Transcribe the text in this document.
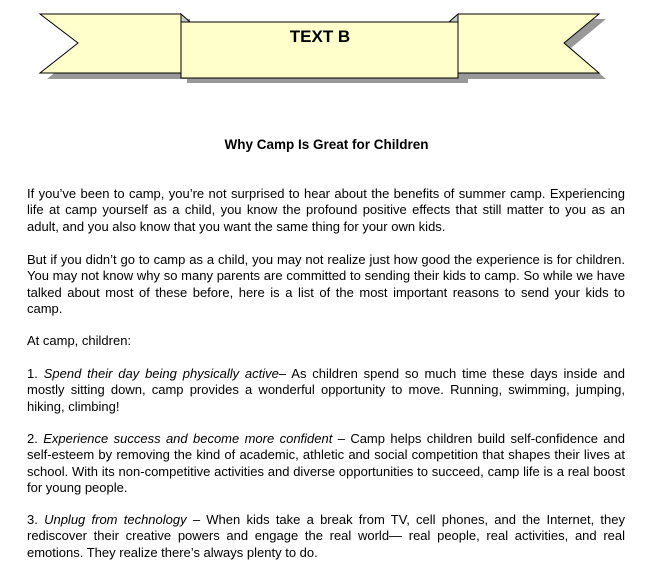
TEXT B
Why Camp Is Great for Children

If you’ve been to camp, you’re not surprised to hear about the benefits of summer camp. Experiencing life at camp yourself as a child, you know the profound positive effects that still matter to you as an adult, and you also know that you want the same thing for your own kids.

But if you didn’t go to camp as a child, you may not realize just how good the experience is for children. You may not know why so many parents are committed to sending their kids to camp. So while we have talked about most of these before, here is a list of the most important reasons to send your kids to camp.

At camp, children:

1. Spend their day being physically active– As children spend so much time these days inside and mostly sitting down, camp provides a wonderful opportunity to move. Running, swimming, jumping, hiking, climbing!

2. Experience success and become more confident – Camp helps children build self-confidence and self-esteem by removing the kind of academic, athletic and social competition that shapes their lives at school. With its non-competitive activities and diverse opportunities to succeed, camp life is a real boost for young people.

3. Unplug from technology – When kids take a break from TV, cell phones, and the Internet, they rediscover their creative powers and engage the real world— real people, real activities, and real emotions. They realize there’s always plenty to do.
